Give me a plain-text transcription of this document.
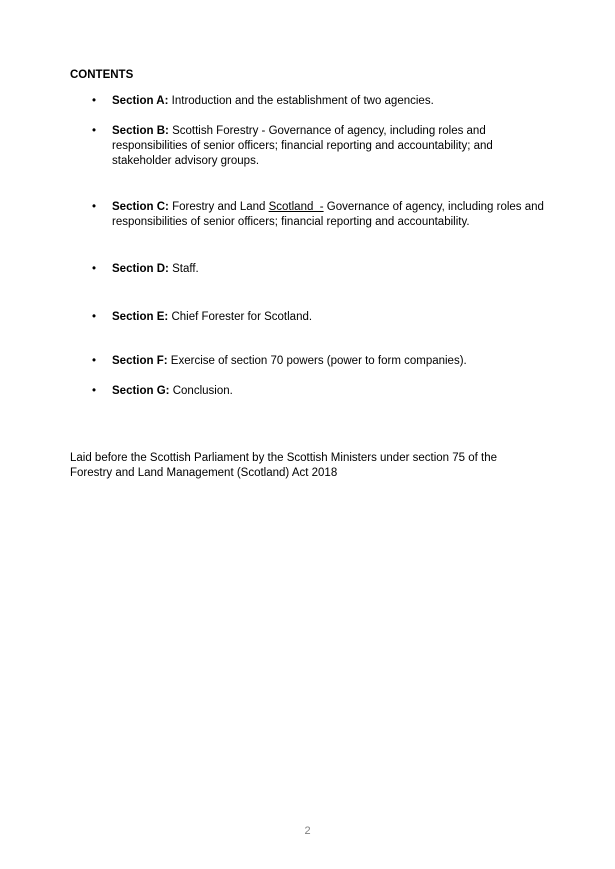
CONTENTS
• Section A: Introduction and the establishment of two agencies.
• Section B: Scottish Forestry - Governance of agency, including roles and responsibilities of senior officers; financial reporting and accountability; and stakeholder advisory groups.
• Section C: Forestry and Land Scotland  - Governance of agency, including roles and responsibilities of senior officers; financial reporting and accountability.
• Section D: Staff.
• Section E: Chief Forester for Scotland.
• Section F: Exercise of section 70 powers (power to form companies).
• Section G: Conclusion.

Laid before the Scottish Parliament by the Scottish Ministers under section 75 of the Forestry and Land Management (Scotland) Act 2018

2
